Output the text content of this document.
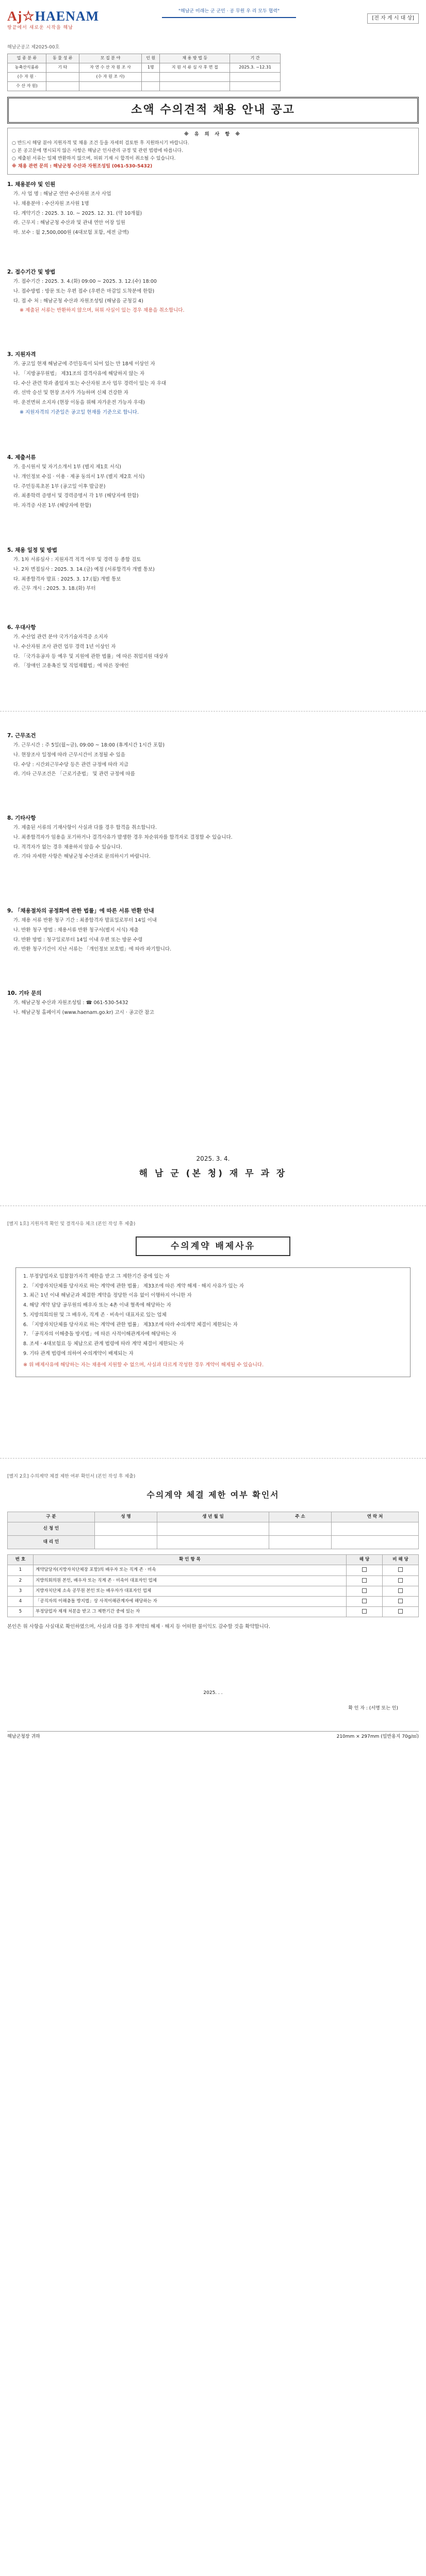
Aj☆HAENAM
땅끝에서 새로운 시작을 해남
"해남군 미래는 군 군민 · 공 무원 우 리 모두 협력"
[전 자 게 시 대 상]
해남군공고 제2025-00호
업 종 분 류	동 물 성 류	모 집 분 야	인 원	채 용 방 법 등	기 간
농축산식품류	기 타	자 연 수 산 자 원 조 사	1명	지 원 서 류 심 사 후 면 접	2025.3. ~12.31
(수 자 원 ·		(수 자 원 조 사)			
수 산 자 원)					
소액 수의견적 채용 안내 공고
※ 유 의 사 항 ※
○ 반드시 해당 분야 지원자격 및 채용 조건 등을 자세히 검토한 후 지원하시기 바랍니다.
○ 본 공고문에 명시되지 않은 사항은 해남군 인사관리 규정 및 관련 법령에 따릅니다.
○ 제출된 서류는 일체 반환하지 않으며, 허위 기재 시 합격이 취소될 수 있습니다.
※ 채용 관련 문의 : 해남군청 수산과 자원조성팀 (061-530-5432)
1. 채용분야 및 인원
가. 사 업 명 : 해남군 연안 수산자원 조사 사업
나. 채용분야 : 수산자원 조사원 1명
다. 계약기간 : 2025. 3. 10. ~ 2025. 12. 31. (약 10개월)
라. 근무지 : 해남군청 수산과 및 관내 연안 어장 일원
마. 보수 : 월 2,500,000원 (4대보험 포함, 세전 금액)
2. 접수기간 및 방법
가. 접수기간 : 2025. 3. 4.(화) 09:00 ~ 2025. 3. 12.(수) 18:00
나. 접수방법 : 방문 또는 우편 접수 (우편은 마감일 도착분에 한함)
다. 접 수 처 : 해남군청 수산과 자원조성팀 (해남읍 군청길 4)
※ 제출된 서류는 반환하지 않으며, 허위 사실이 있는 경우 채용을 취소합니다.
3. 지원자격
가. 공고일 현재 해남군에 주민등록이 되어 있는 만 18세 이상인 자
나. 「지방공무원법」 제31조의 결격사유에 해당하지 않는 자
다. 수산 관련 학과 졸업자 또는 수산자원 조사 업무 경력이 있는 자 우대
라. 선박 승선 및 현장 조사가 가능하며 신체 건강한 자
마. 운전면허 소지자 (현장 이동을 위해 자가운전 가능자 우대)
※ 지원자격의 기준일은 공고일 현재를 기준으로 합니다.
4. 제출서류
가. 응시원서 및 자기소개서 1부 (별지 제1호 서식)
나. 개인정보 수집 · 이용 · 제공 동의서 1부 (별지 제2호 서식)
다. 주민등록초본 1부 (공고일 이후 발급분)
라. 최종학력 증명서 및 경력증명서 각 1부 (해당자에 한함)
마. 자격증 사본 1부 (해당자에 한함)
5. 채용 일정 및 방법
가. 1차 서류심사 : 지원자격 적격 여부 및 경력 등 종합 검토
나. 2차 면접심사 : 2025. 3. 14.(금) 예정 (서류합격자 개별 통보)
다. 최종합격자 발표 : 2025. 3. 17.(월) 개별 통보
라. 근무 개시 : 2025. 3. 18.(화) 부터
6. 우대사항
가. 수산업 관련 분야 국가기술자격증 소지자
나. 수산자원 조사 관련 업무 경력 1년 이상인 자
다. 「국가유공자 등 예우 및 지원에 관한 법률」에 따른 취업지원 대상자
라. 「장애인 고용촉진 및 직업재활법」에 따른 장애인
7. 근무조건
가. 근무시간 : 주 5일(월~금), 09:00 ~ 18:00 (휴게시간 1시간 포함)
나. 현장조사 일정에 따라 근무시간이 조정될 수 있음
다. 수당 : 시간외근무수당 등은 관련 규정에 따라 지급
라. 기타 근무조건은 「근로기준법」 및 관련 규정에 따름
8. 기타사항
가. 제출된 서류의 기재사항이 사실과 다를 경우 합격을 취소합니다.
나. 최종합격자가 임용을 포기하거나 결격사유가 발생한 경우 차순위자를 합격자로 결정할 수 있습니다.
다. 적격자가 없는 경우 채용하지 않을 수 있습니다.
라. 기타 자세한 사항은 해남군청 수산과로 문의하시기 바랍니다.
9. 「채용절차의 공정화에 관한 법률」에 따른 서류 반환 안내
가. 채용 서류 반환 청구 기간 : 최종합격자 발표일로부터 14일 이내
나. 반환 청구 방법 : 채용서류 반환 청구서(별지 서식) 제출
다. 반환 방법 : 청구일로부터 14일 이내 우편 또는 방문 수령
라. 반환 청구기간이 지난 서류는 「개인정보 보호법」에 따라 파기합니다.
10. 기타 문의
가. 해남군청 수산과 자원조성팀 : ☎ 061-530-5432
나. 해남군청 홈페이지 (www.haenam.go.kr) 고시 · 공고란 참고
2025. 3. 4.
해 남 군 (본 청) 재 무 과 장
[별지 1호] 지원자격 확인 및 결격사유 체크 (본인 작성 후 제출)
수의계약 배제사유
1. 부정당업자로 입찰참가자격 제한을 받고 그 제한기간 중에 있는 자
2. 「지방자치단체를 당사자로 하는 계약에 관한 법률」 제33조에 따른 계약 해제 · 해지 사유가 있는 자
3. 최근 1년 이내 해남군과 체결한 계약을 정당한 이유 없이 이행하지 아니한 자
4. 해당 계약 담당 공무원의 배우자 또는 4촌 이내 혈족에 해당하는 자
5. 지방의회의원 및 그 배우자, 직계 존 · 비속이 대표자로 있는 업체
6. 「지방자치단체를 당사자로 하는 계약에 관한 법률」 제33조에 따라 수의계약 체결이 제한되는 자
7. 「공직자의 이해충돌 방지법」에 따른 사적이해관계자에 해당하는 자
8. 조세 · 4대보험료 등 체납으로 관계 법령에 따라 계약 체결이 제한되는 자
9. 기타 관계 법령에 의하여 수의계약이 배제되는 자
※ 위 배제사유에 해당하는 자는 채용에 지원할 수 없으며, 사실과 다르게 작성한 경우 계약이 해제될 수 있습니다.
[별지 2호] 수의계약 체결 제한 여부 확인서 (본인 작성 후 제출)
수의계약 체결 제한 여부 확인서
구 분	성 명	생 년 월 일	주 소	연 락 처
신 청 인				
대 리 인				
번 호	확 인 항 목	해 당	비 해 당
1	계약담당자(지방자치단체장 포함)의 배우자 또는 직계 존 · 비속		
2	지방의회의원 본인, 배우자 또는 직계 존 · 비속이 대표자인 업체		
3	지방자치단체 소속 공무원 본인 또는 배우자가 대표자인 업체		
4	「공직자의 이해충돌 방지법」상 사적이해관계자에 해당하는 자		
5	부정당업자 제재 처분을 받고 그 제한기간 중에 있는 자		
본인은 위 사항을 사실대로 확인하였으며, 사실과 다를 경우 계약의 해제 · 해지 등 어떠한 불이익도 감수할 것을 확약합니다.
2025. . .
확 인 자 : (서명 또는 인)
해남군청장 귀하	210mm × 297mm (일반용지 70g/㎡)
